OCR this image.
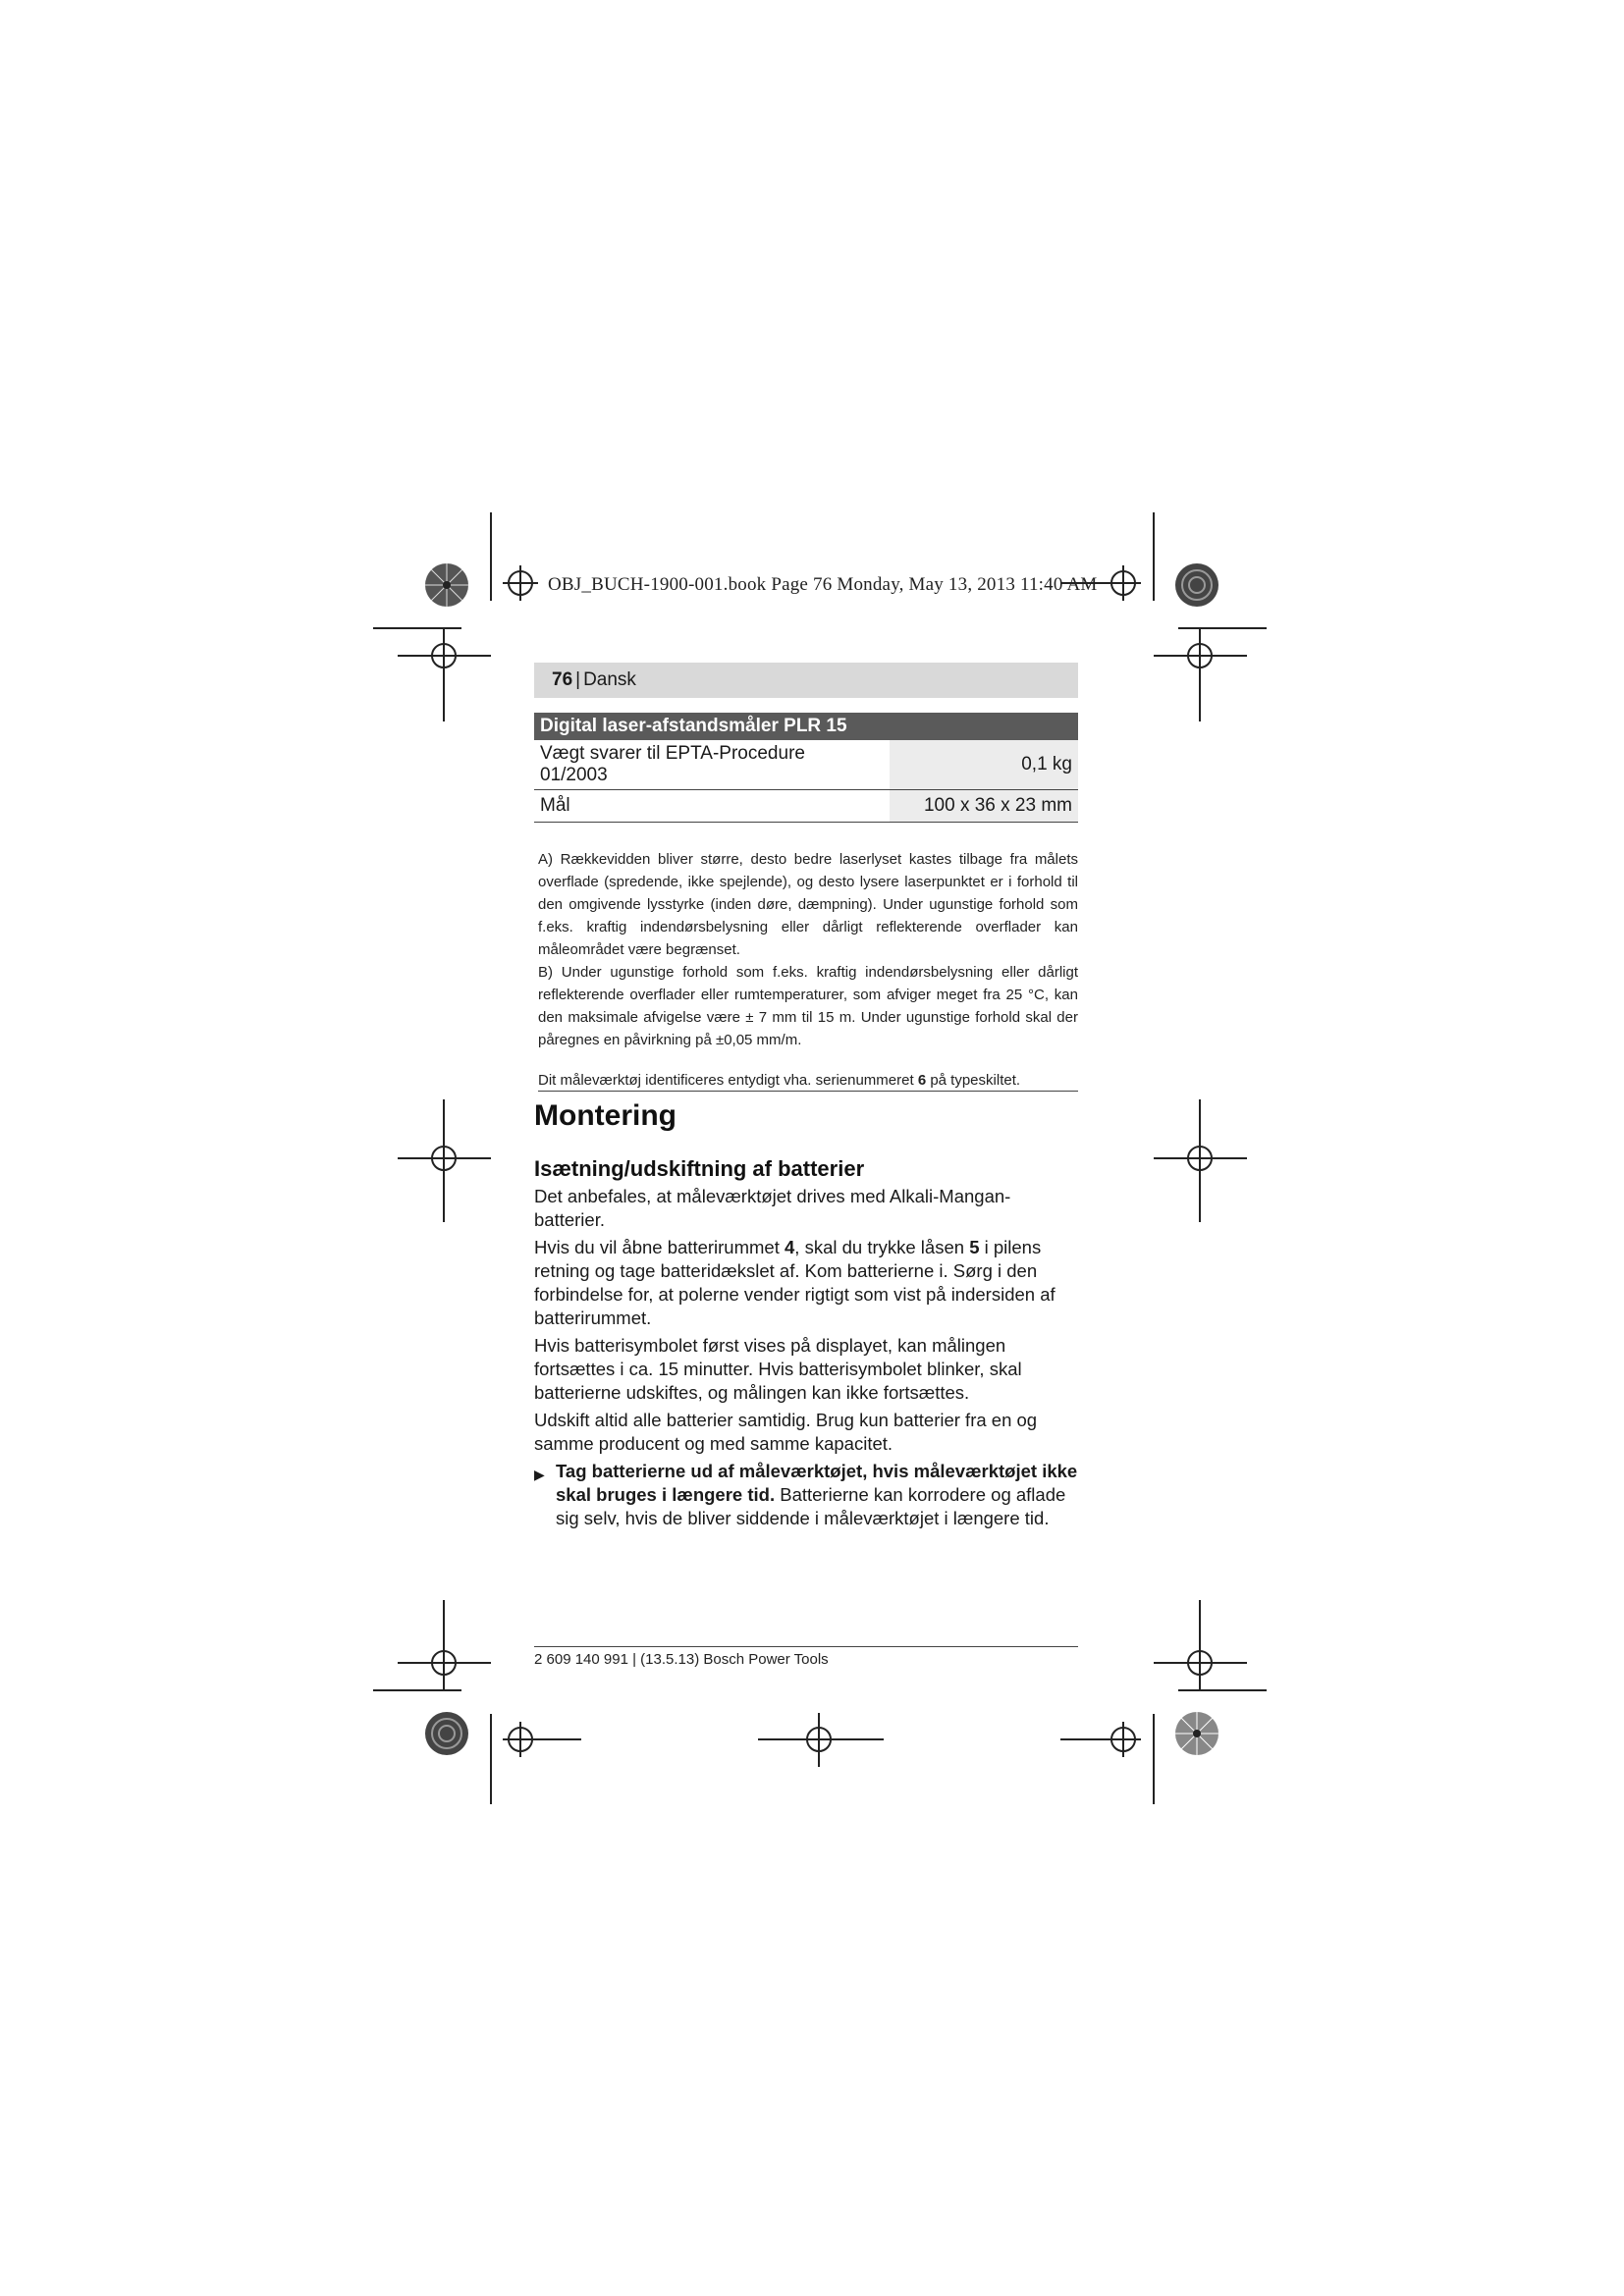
OBJ_BUCH-1900-001.book Page 76 Monday, May 13, 2013 11:40 AM
76 | Dansk
Digital laser-afstandsmåler PLR 15	
Vægt svarer til EPTA-Procedure 01/2003	0,1 kg
Mål	100 x 36 x 23 mm

A) Rækkevidden bliver større, desto bedre laserlyset kastes tilbage fra målets overflade (spredende, ikke spejlende), og desto lysere laserpunktet er i forhold til den omgivende lysstyrke (inden døre, dæmpning). Under ugunstige forhold som f.eks. kraftig indendørsbelysning eller dårligt reflekterende overflader kan måleområdet være begrænset.

B) Under ugunstige forhold som f.eks. kraftig indendørsbelysning eller dårligt reflekterende overflader eller rumtemperaturer, som afviger meget fra 25 °C, kan den maksimale afvigelse være ± 7 mm til 15 m. Under ugunstige forhold skal der påregnes en påvirkning på ±0,05 mm/m.

Dit måleværktøj identificeres entydigt vha. serienummeret 6 på typeskiltet.
Montering
Isætning/udskiftning af batterier

Det anbefales, at måleværktøjet drives med Alkali-Mangan-batterier.

Hvis du vil åbne batterirummet 4, skal du trykke låsen 5 i pilens retning og tage batteridækslet af. Kom batterierne i. Sørg i den forbindelse for, at polerne vender rigtigt som vist på indersiden af batterirummet.

Hvis batterisymbolet først vises på displayet, kan målingen fortsættes i ca. 15 minutter. Hvis batterisymbolet blinker, skal batterierne udskiftes, og målingen kan ikke fortsættes.

Udskift altid alle batterier samtidig. Brug kun batterier fra en og samme producent og med samme kapacitet.

▶ Tag batterierne ud af måleværktøjet, hvis måleværktøjet ikke skal bruges i længere tid. Batterierne kan korrodere og aflade sig selv, hvis de bliver siddende i måleværktøjet i længere tid.
2 609 140 991 | (13.5.13) Bosch Power Tools
